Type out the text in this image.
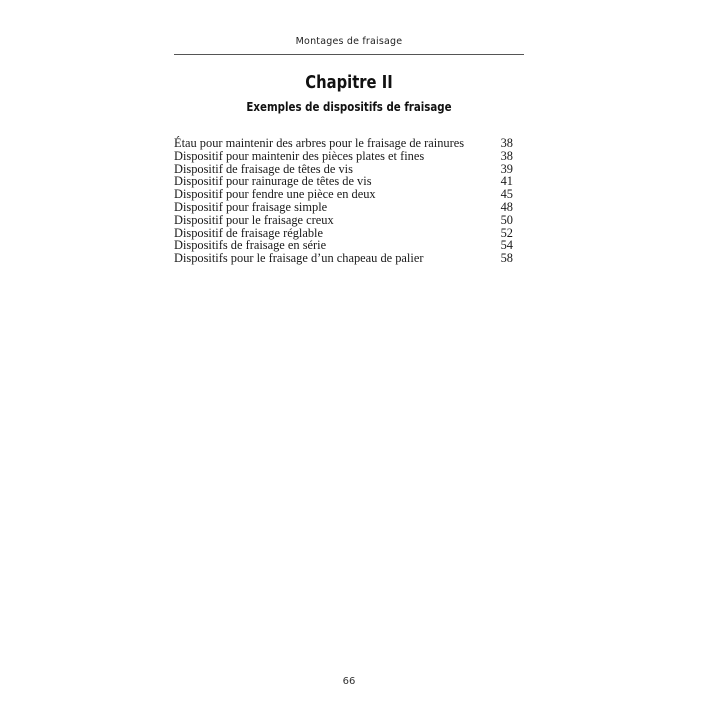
Montages de fraisage
Chapitre II
Exemples de dispositifs de fraisage
Étau pour maintenir des arbres pour le fraisage de rainures	38
Dispositif pour maintenir des pièces plates et fines	38
Dispositif de fraisage de têtes de vis	39
Dispositif pour rainurage de têtes de vis	41
Dispositif pour fendre une pièce en deux	45
Dispositif pour fraisage simple	48
Dispositif pour le fraisage creux	50
Dispositif de fraisage réglable	52
Dispositifs de fraisage en série	54
Dispositifs pour le fraisage d’un chapeau de palier	58
66
